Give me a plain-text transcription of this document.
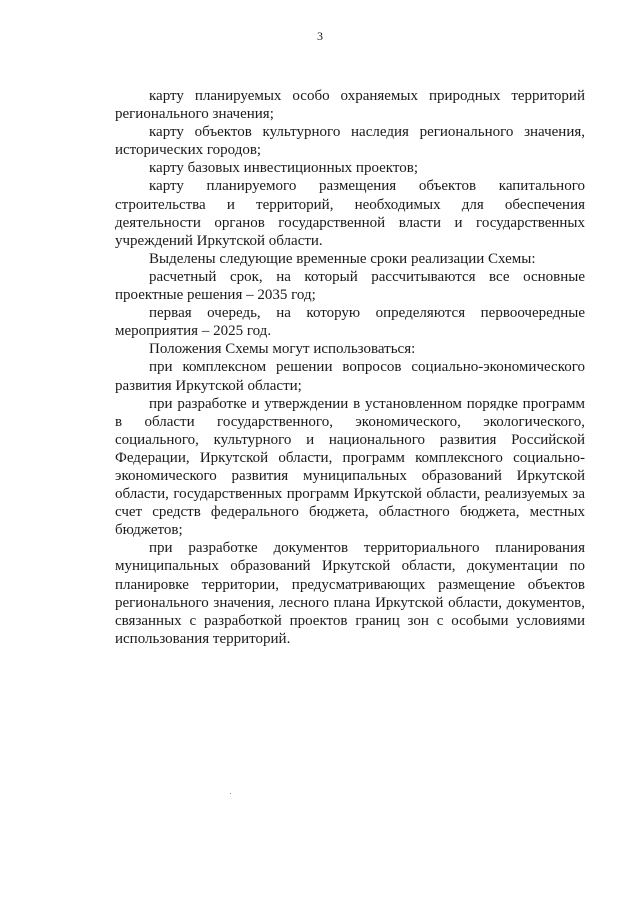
3

карту планируемых особо охраняемых природных территорий регионального значения;

карту объектов культурного наследия регионального значения, исторических городов;

карту базовых инвестиционных проектов;

карту планируемого размещения объектов капитального строительства и территорий, необходимых для обеспечения деятельности органов государственной власти и государственных учреждений Иркутской области.

Выделены следующие временные сроки реализации Схемы:

расчетный срок, на который рассчитываются все основные проектные решения – 2035 год;

первая очередь, на которую определяются первоочередные мероприятия – 2025 год.

Положения Схемы могут использоваться:

при комплексном решении вопросов социально-экономического развития Иркутской области;

при разработке и утверждении в установленном порядке программ в области государственного, экономического, экологического, социального, культурного и национального развития Российской Федерации, Иркутской области, программ комплексного социально-экономического развития муниципальных образований Иркутской области, государственных программ Иркутской области, реализуемых за счет средств федерального бюджета, областного бюджета, местных бюджетов;

при разработке документов территориального планирования муниципальных образований Иркутской области, документации по планировке территории, предусматривающих размещение объектов регионального значения, лесного плана Иркутской области, документов, связанных с разработкой проектов границ зон с особыми условиями использования территорий.
